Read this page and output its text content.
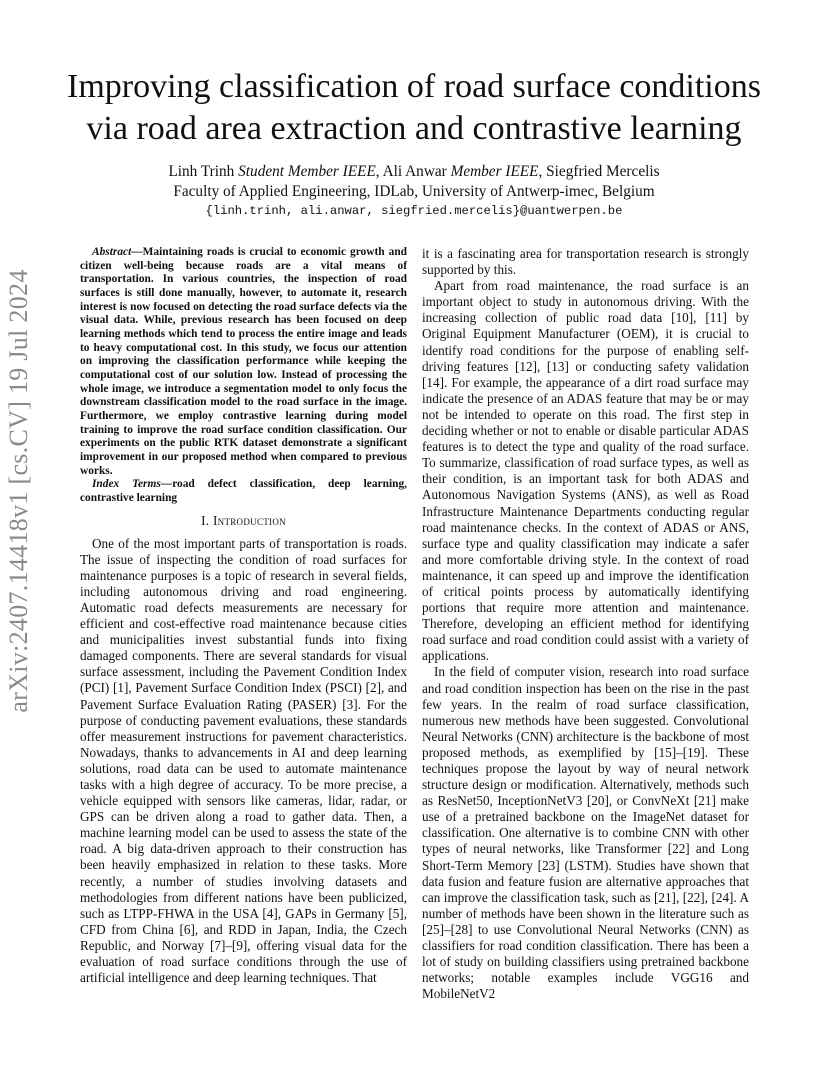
arXiv:2407.14418v1 [cs.CV] 19 Jul 2024
Improving classification of road surface conditions
via road area extraction and contrastive learning
Linh Trinh Student Member IEEE, Ali Anwar Member IEEE, Siegfried Mercelis
Faculty of Applied Engineering, IDLab, University of Antwerp-imec, Belgium
{linh.trinh, ali.anwar, siegfried.mercelis}@uantwerpen.be

Abstract—Maintaining roads is crucial to economic growth and citizen well-being because roads are a vital means of transportation. In various countries, the inspection of road surfaces is still done manually, however, to automate it, research interest is now focused on detecting the road surface defects via the visual data. While, previous research has been focused on deep learning methods which tend to process the entire image and leads to heavy computational cost. In this study, we focus our attention on improving the classification performance while keeping the computational cost of our solution low. Instead of processing the whole image, we introduce a segmentation model to only focus the downstream classification model to the road surface in the image. Furthermore, we employ contrastive learning during model training to improve the road surface condition classification. Our experiments on the public RTK dataset demonstrate a significant improvement in our proposed method when compared to previous works.

Index Terms—road defect classification, deep learning, contrastive learning

I. Introduction

One of the most important parts of transportation is roads. The issue of inspecting the condition of road surfaces for maintenance purposes is a topic of research in several fields, including autonomous driving and road engineering. Automatic road defects measurements are necessary for efficient and cost-effective road maintenance because cities and municipalities invest substantial funds into fixing damaged components. There are several standards for visual surface assessment, including the Pavement Condition Index (PCI) [1], Pavement Surface Condition Index (PSCI) [2], and Pavement Surface Evaluation Rating (PASER) [3]. For the purpose of conducting pavement evaluations, these standards offer measurement instructions for pavement characteristics. Nowadays, thanks to advancements in AI and deep learning solutions, road data can be used to automate maintenance tasks with a high degree of accuracy. To be more precise, a vehicle equipped with sensors like cameras, lidar, radar, or GPS can be driven along a road to gather data. Then, a machine learning model can be used to assess the state of the road. A big data-driven approach to their construction has been heavily emphasized in relation to these tasks. More recently, a number of studies involving datasets and methodologies from different nations have been publicized, such as LTPP-FHWA in the USA [4], GAPs in Germany [5], CFD from China [6], and RDD in Japan, India, the Czech Republic, and Norway [7]–[9], offering visual data for the evaluation of road surface conditions through the use of artificial intelligence and deep learning techniques. That

it is a fascinating area for transportation research is strongly supported by this.

Apart from road maintenance, the road surface is an important object to study in autonomous driving. With the increasing collection of public road data [10], [11] by Original Equipment Manufacturer (OEM), it is crucial to identify road conditions for the purpose of enabling self-driving features [12], [13] or conducting safety validation [14]. For example, the appearance of a dirt road surface may indicate the presence of an ADAS feature that may be or may not be intended to operate on this road. The first step in deciding whether or not to enable or disable particular ADAS features is to detect the type and quality of the road surface. To summarize, classification of road surface types, as well as their condition, is an important task for both ADAS and Autonomous Navigation Systems (ANS), as well as Road Infrastructure Maintenance Departments conducting regular road maintenance checks. In the context of ADAS or ANS, surface type and quality classification may indicate a safer and more comfortable driving style. In the context of road maintenance, it can speed up and improve the identification of critical points process by automatically identifying portions that require more attention and maintenance. Therefore, developing an efficient method for identifying road surface and road condition could assist with a variety of applications.

In the field of computer vision, research into road surface and road condition inspection has been on the rise in the past few years. In the realm of road surface classification, numerous new methods have been suggested. Convolutional Neural Networks (CNN) architecture is the backbone of most proposed methods, as exemplified by [15]–[19]. These techniques propose the layout by way of neural network structure design or modification. Alternatively, methods such as ResNet50, InceptionNetV3 [20], or ConvNeXt [21] make use of a pretrained backbone on the ImageNet dataset for classification. One alternative is to combine CNN with other types of neural networks, like Transformer [22] and Long Short-Term Memory [23] (LSTM). Studies have shown that data fusion and feature fusion are alternative approaches that can improve the classification task, such as [21], [22], [24]. A number of methods have been shown in the literature such as [25]–[28] to use Convolutional Neural Networks (CNN) as classifiers for road condition classification. There has been a lot of study on building classifiers using pretrained backbone networks; notable examples include VGG16 and MobileNetV2
